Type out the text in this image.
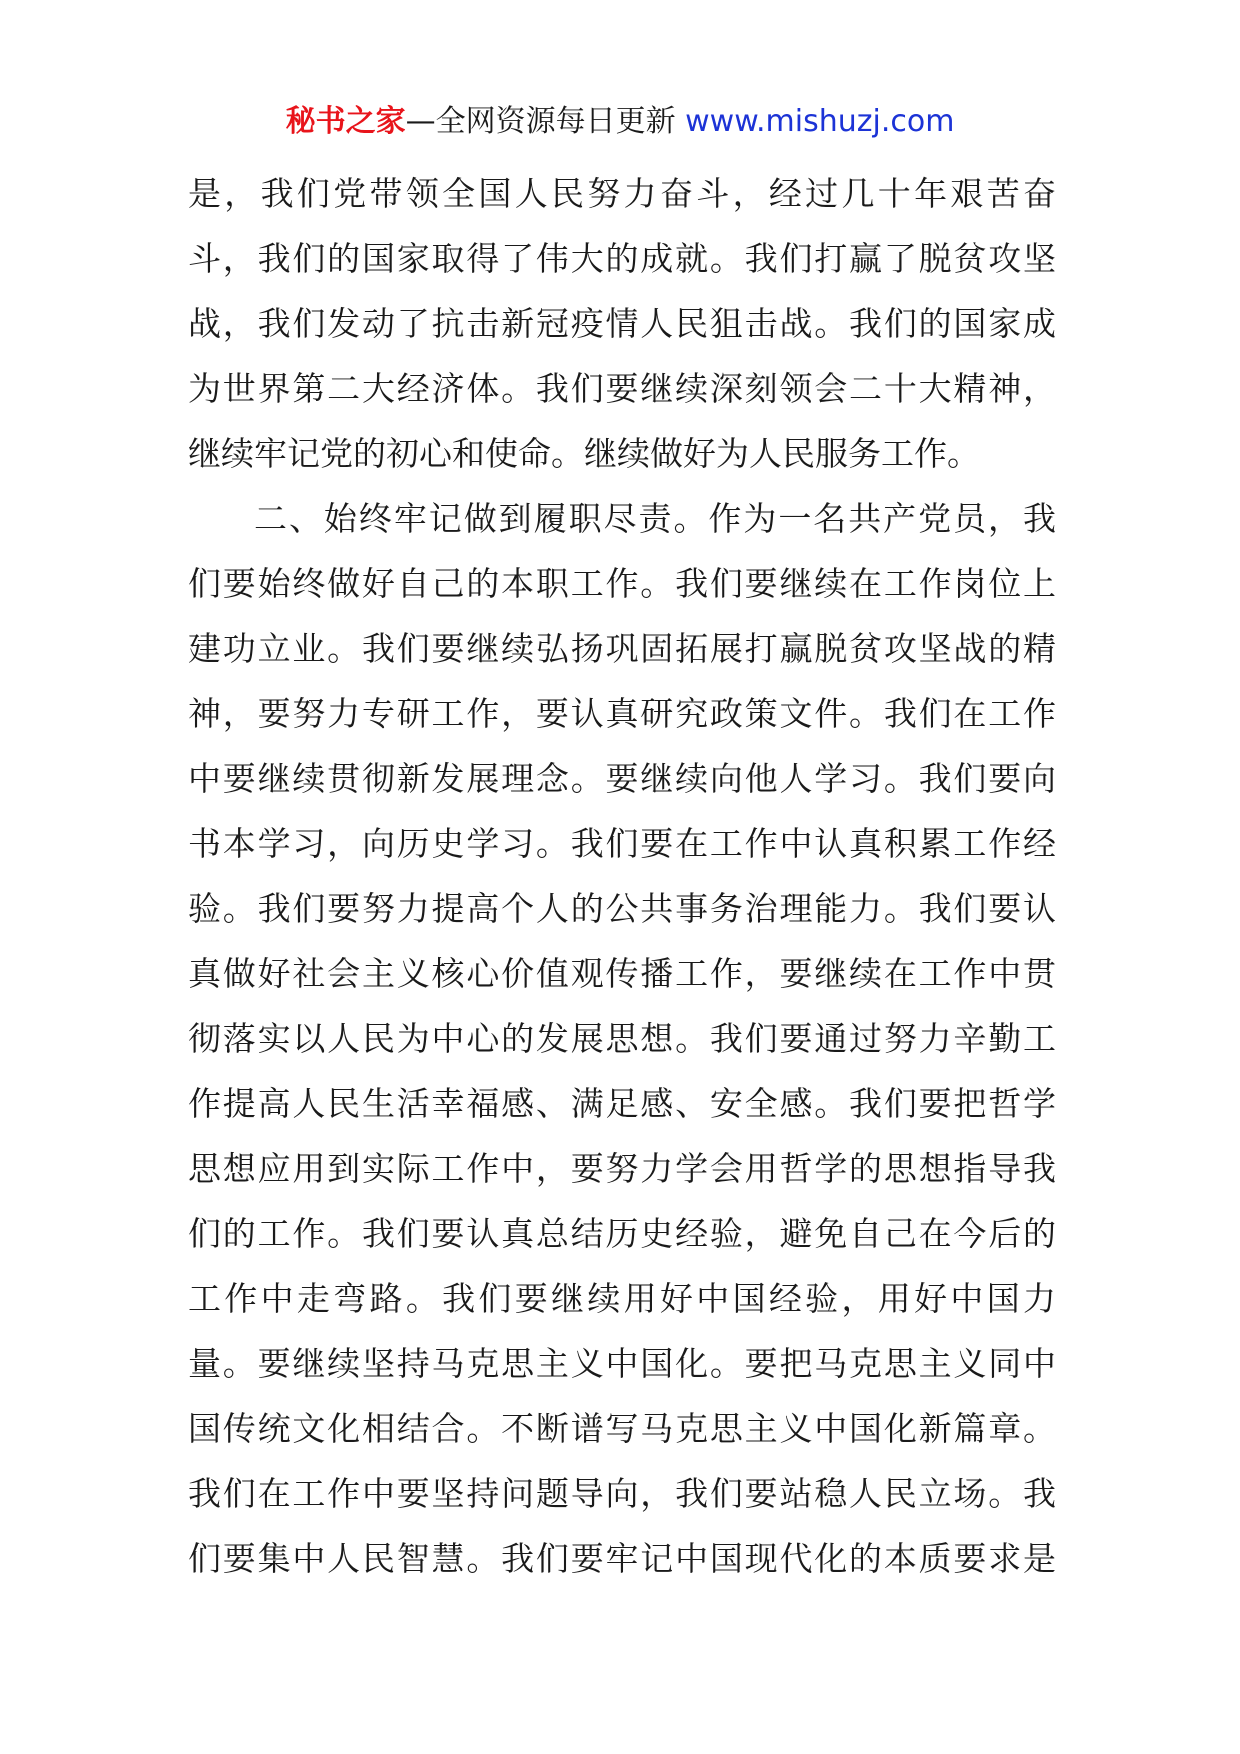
秘书之家—全网资源每日更新 www.mishuzj.com
是，我们党带领全国人民努力奋斗，经过几十年艰苦奋
斗，我们的国家取得了伟大的成就。我们打赢了脱贫攻坚
战，我们发动了抗击新冠疫情人民狙击战。我们的国家成
为世界第二大经济体。我们要继续深刻领会二十大精神，
继续牢记党的初心和使命。继续做好为人民服务工作。
二、始终牢记做到履职尽责。作为一名共产党员，我
们要始终做好自己的本职工作。我们要继续在工作岗位上
建功立业。我们要继续弘扬巩固拓展打赢脱贫攻坚战的精
神，要努力专研工作，要认真研究政策文件。我们在工作
中要继续贯彻新发展理念。要继续向他人学习。我们要向
书本学习，向历史学习。我们要在工作中认真积累工作经
验。我们要努力提高个人的公共事务治理能力。我们要认
真做好社会主义核心价值观传播工作，要继续在工作中贯
彻落实以人民为中心的发展思想。我们要通过努力辛勤工
作提高人民生活幸福感、满足感、安全感。我们要把哲学
思想应用到实际工作中，要努力学会用哲学的思想指导我
们的工作。我们要认真总结历史经验，避免自己在今后的
工作中走弯路。我们要继续用好中国经验，用好中国力
量。要继续坚持马克思主义中国化。要把马克思主义同中
国传统文化相结合。不断谱写马克思主义中国化新篇章。
我们在工作中要坚持问题导向，我们要站稳人民立场。我
们要集中人民智慧。我们要牢记中国现代化的本质要求是
